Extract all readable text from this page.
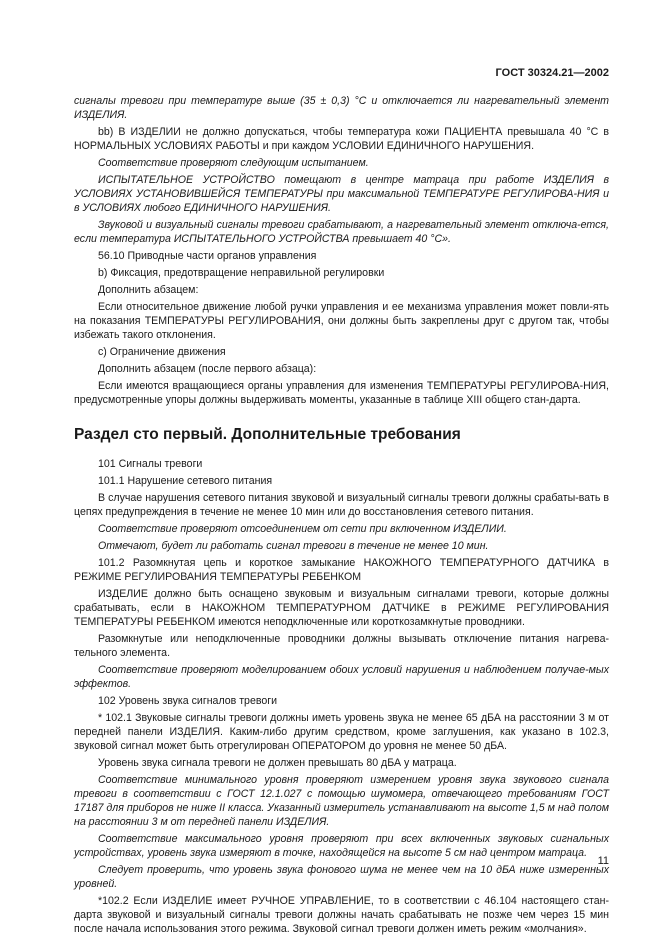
ГОСТ 30324.21—2002

сигналы тревоги при температуре выше (35 ± 0,3) °С и отключается ли нагревательный элемент ИЗДЕЛИЯ.

bb) В ИЗДЕЛИИ не должно допускаться, чтобы температура кожи ПАЦИЕНТА превышала 40 °С в НОРМАЛЬНЫХ УСЛОВИЯХ РАБОТЫ и при каждом УСЛОВИИ ЕДИНИЧНОГО НАРУШЕНИЯ.

Соответствие проверяют следующим испытанием.

ИСПЫТАТЕЛЬНОЕ УСТРОЙСТВО помещают в центре матраца при работе ИЗДЕЛИЯ в УСЛОВИЯХ УСТАНОВИВШЕЙСЯ ТЕМПЕРАТУРЫ при максимальной ТЕМПЕРАТУРЕ РЕГУЛИРОВА-НИЯ и в УСЛОВИЯХ любого ЕДИНИЧНОГО НАРУШЕНИЯ.

Звуковой и визуальный сигналы тревоги срабатывают, а нагревательный элемент отключа-ется, если температура ИСПЫТАТЕЛЬНОГО УСТРОЙСТВА превышает 40 °С».

56.10 Приводные части органов управления

b) Фиксация, предотвращение неправильной регулировки

Дополнить абзацем:

Если относительное движение любой ручки управления и ее механизма управления может повли-ять на показания ТЕМПЕРАТУРЫ РЕГУЛИРОВАНИЯ, они должны быть закреплены друг с другом так, чтобы избежать такого отклонения.

c) Ограничение движения

Дополнить абзацем (после первого абзаца):

Если имеются вращающиеся органы управления для изменения ТЕМПЕРАТУРЫ РЕГУЛИРОВА-НИЯ, предусмотренные упоры должны выдерживать моменты, указанные в таблице XIII общего стан-дарта.

Раздел сто первый. Дополнительные требования

101 Сигналы тревоги

101.1 Нарушение сетевого питания

В случае нарушения сетевого питания звуковой и визуальный сигналы тревоги должны срабаты-вать в цепях предупреждения в течение не менее 10 мин или до восстановления сетевого питания.

Соответствие проверяют отсоединением от сети при включенном ИЗДЕЛИИ.

Отмечают, будет ли работать сигнал тревоги в течение не менее 10 мин.

101.2 Разомкнутая цепь и короткое замыкание НАКОЖНОГО ТЕМПЕРАТУРНОГО ДАТЧИКА в РЕЖИМЕ РЕГУЛИРОВАНИЯ ТЕМПЕРАТУРЫ РЕБЕНКОМ

ИЗДЕЛИЕ должно быть оснащено звуковым и визуальным сигналами тревоги, которые должны срабатывать, если в НАКОЖНОМ ТЕМПЕРАТУРНОМ ДАТЧИКЕ в РЕЖИМЕ РЕГУЛИРОВАНИЯ ТЕМПЕРАТУРЫ РЕБЕНКОМ имеются неподключенные или короткозамкнутые проводники.

Разомкнутые или неподключенные проводники должны вызывать отключение питания нагрева-тельного элемента.

Соответствие проверяют моделированием обоих условий нарушения и наблюдением получае-мых эффектов.

102 Уровень звука сигналов тревоги

* 102.1 Звуковые сигналы тревоги должны иметь уровень звука не менее 65 дБА на расстоянии 3 м от передней панели ИЗДЕЛИЯ. Каким-либо другим средством, кроме заглушения, как указано в 102.3, звуковой сигнал может быть отрегулирован ОПЕРАТОРОМ до уровня не менее 50 дБА.

Уровень звука сигнала тревоги не должен превышать 80 дБА у матраца.

Соответствие минимального уровня проверяют измерением уровня звука звукового сигнала тревоги в соответствии с ГОСТ 12.1.027 с помощью шумомера, отвечающего требованиям ГОСТ 17187 для приборов не ниже II класса. Указанный измеритель устанавливают на высоте 1,5 м над полом на расстоянии 3 м от передней панели ИЗДЕЛИЯ.

Соответствие максимального уровня проверяют при всех включенных звуковых сигнальных устройствах, уровень звука измеряют в точке, находящейся на высоте 5 см над центром матраца.

Следует проверить, что уровень звука фонового шума не менее чем на 10 дБА ниже измеренных уровней.

*102.2 Если ИЗДЕЛИЕ имеет РУЧНОЕ УПРАВЛЕНИЕ, то в соответствии с 46.104 настоящего стан-дарта звуковой и визуальный сигналы тревоги должны начать срабатывать не позже чем через 15 мин после начала использования этого режима. Звуковой сигнал тревоги должен иметь режим «молчания».

11
